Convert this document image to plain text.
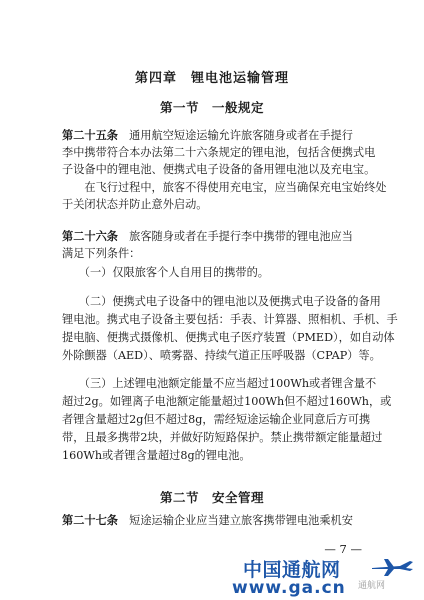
第四章　锂电池运输管理
第一节　一般规定
第二十五条　通用航空短途运输允许旅客随身或者在手提行
李中携带符合本办法第二十六条规定的锂电池，包括含便携式电
子设备中的锂电池、便携式电子设备的备用锂电池以及充电宝。
　　在飞行过程中，旅客不得使用充电宝，应当确保充电宝始终处
于关闭状态并防止意外启动。
第二十六条　旅客随身或者在手提行李中携带的锂电池应当
满足下列条件：
　　（一）仅限旅客个人自用目的携带的。
　　（二）便携式电子设备中的锂电池以及便携式电子设备的备用
锂电池。携式电子设备主要包括：手表、计算器、照相机、手机、手
提电脑、便携式摄像机、便携式电子医疗装置（PMED），如自动体
外除颤器（AED）、喷雾器、持续气道正压呼吸器（CPAP）等。
　　（三）上述锂电池额定能量不应当超过100Wh或者锂含量不
超过2g。如锂离子电池额定能量超过100Wh但不超过160Wh，或
者锂含量超过2g但不超过8g，需经短途运输企业同意后方可携
带，且最多携带2块，并做好防短路保护。禁止携带额定能量超过
160Wh或者锂含量超过8g的锂电池。
第二节　安全管理
第二十七条　短途运输企业应当建立旅客携带锂电池乘机安
— 7 —
中国通航网
www.ga.cn 通航网
